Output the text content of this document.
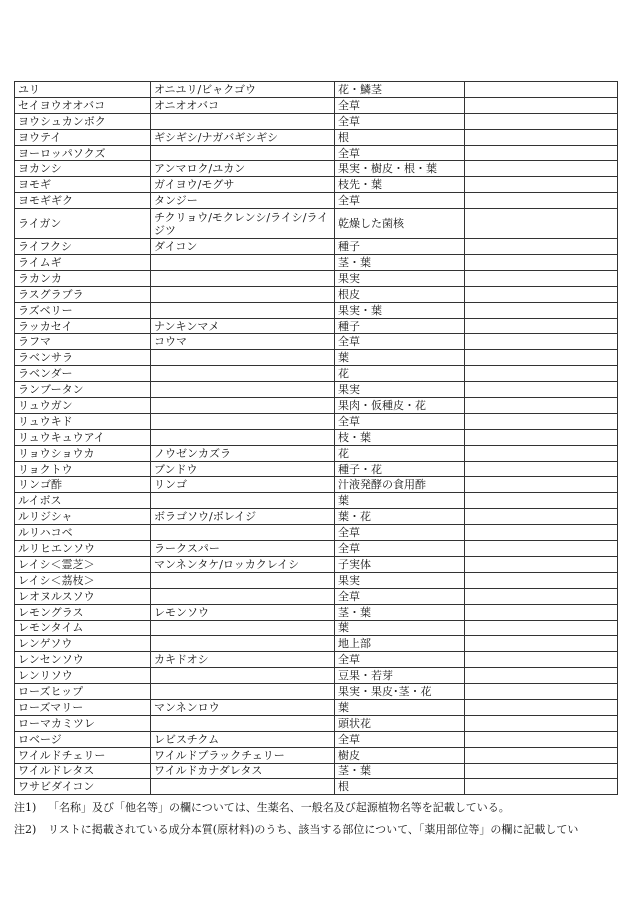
ユリ	オニユリ/ビャクゴウ	花・鱗茎	
セイヨウオオバコ	オニオオバコ	全草	
ヨウシュカンボク		全草	
ヨウテイ	ギシギシ/ナガバギシギシ	根	
ヨーロッパソクズ		全草	
ヨカンシ	アンマロク/ユカン	果実・樹皮・根・葉	
ヨモギ	ガイヨウ/モグサ	枝先・葉	
ヨモギギク	タンジー	全草	
ライガン	チクリョウ/モクレンシ/ライシ/ライジツ	乾燥した菌核	
ライフクシ	ダイコン	種子	
ライムギ		茎・葉	
ラカンカ		果実	
ラスグラブラ		根皮	
ラズベリー		果実・葉	
ラッカセイ	ナンキンマメ	種子	
ラフマ	コウマ	全草	
ラベンサラ		葉	
ラベンダー		花	
ランブータン		果実	
リュウガン		果肉・仮種皮・花	
リュウキド		全草	
リュウキュウアイ		枝・葉	
リョウショウカ	ノウゼンカズラ	花	
リョクトウ	ブンドウ	種子・花	
リンゴ酢	リンゴ	汁液発酵の食用酢	
ルイボス		葉	
ルリジシャ	ボラゴソウ/ボレイジ	葉・花	
ルリハコベ		全草	
ルリヒエンソウ	ラークスパー	全草	
レイシ＜霊芝＞	マンネンタケ/ロッカクレイシ	子実体	
レイシ＜茘枝＞		果実	
レオヌルスソウ		全草	
レモングラス	レモンソウ	茎・葉	
レモンタイム		葉	
レンゲソウ		地上部	
レンセンソウ	カキドオシ	全草	
レンリソウ		豆果・若芽	
ローズヒップ		果実・果皮･茎・花	
ローズマリー	マンネンロウ	葉	
ローマカミツレ		頭状花	
ロベージ	レビスチクム	全草	
ワイルドチェリー	ワイルドブラックチェリー	樹皮	
ワイルドレタス	ワイルドカナダレタス	茎・葉	
ワサビダイコン		根	
注1) 「名称」及び「他名等」の欄については、生薬名、一般名及び起源植物名等を記載している。
注2) リストに掲載されている成分本質(原材料)のうち、該当する部位について、「薬用部位等」の欄に記載してい
